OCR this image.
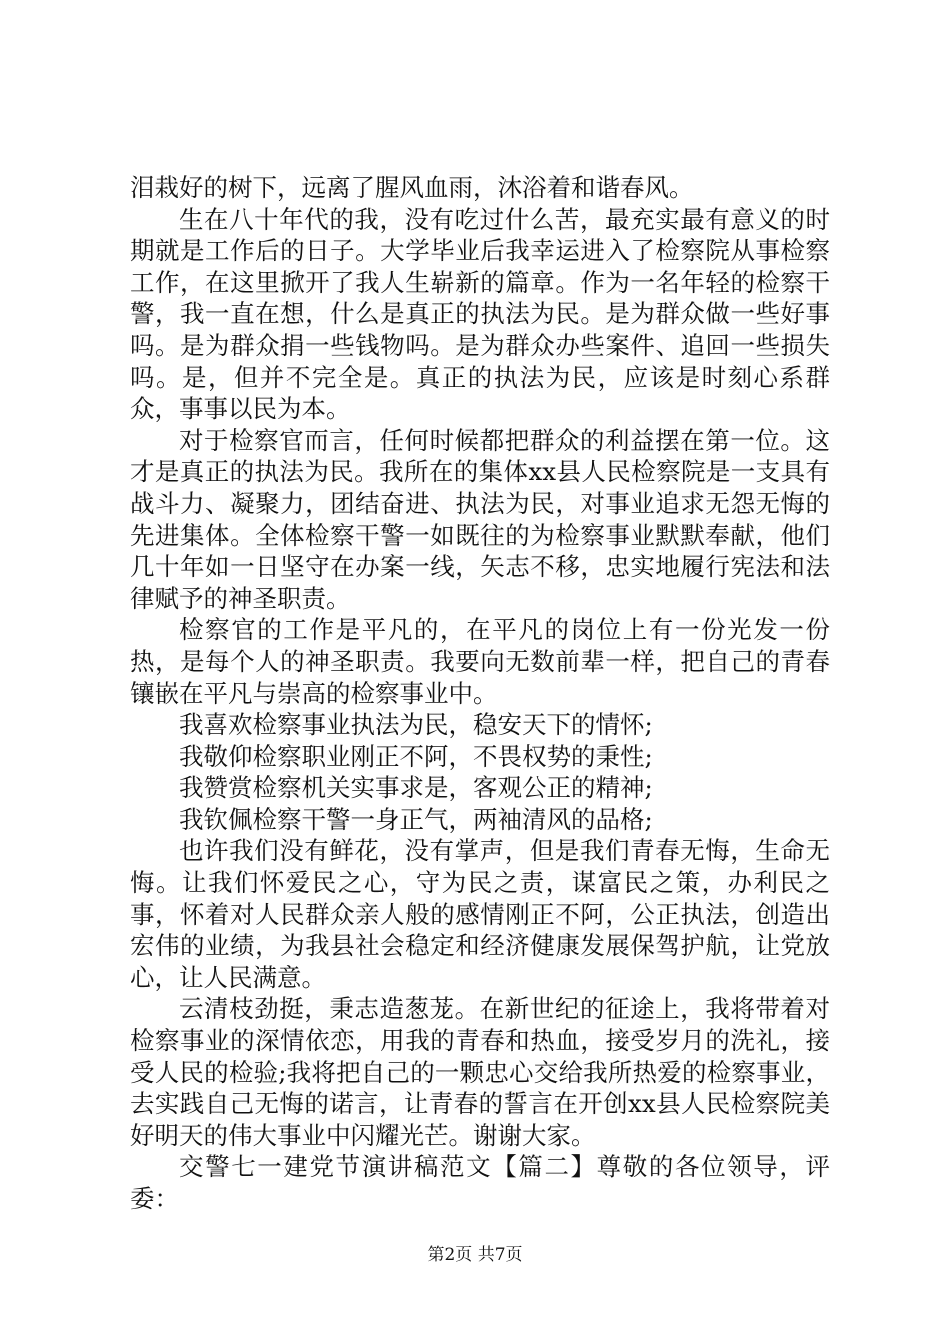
泪栽好的树下，远离了腥风血雨，沐浴着和谐春风。

生在八十年代的我，没有吃过什么苦，最充实最有意义的时期就是工作后的日子。大学毕业后我幸运进入了检察院从事检察工作，在这里掀开了我人生崭新的篇章。作为一名年轻的检察干警，我一直在想，什么是真正的执法为民。是为群众做一些好事吗。是为群众捐一些钱物吗。是为群众办些案件、追回一些损失吗。是，但并不完全是。真正的执法为民，应该是时刻心系群众，事事以民为本。

对于检察官而言，任何时候都把群众的利益摆在第一位。这才是真正的执法为民。我所在的集体xx县人民检察院是一支具有战斗力、凝聚力，团结奋进、执法为民，对事业追求无怨无悔的先进集体。全体检察干警一如既往的为检察事业默默奉献，他们几十年如一日坚守在办案一线，矢志不移，忠实地履行宪法和法律赋予的神圣职责。

检察官的工作是平凡的，在平凡的岗位上有一份光发一份热，是每个人的神圣职责。我要向无数前辈一样，把自己的青春镶嵌在平凡与崇高的检察事业中。

我喜欢检察事业执法为民，稳安天下的情怀;

我敬仰检察职业刚正不阿，不畏权势的秉性;

我赞赏检察机关实事求是，客观公正的精神;

我钦佩检察干警一身正气，两袖清风的品格;

也许我们没有鲜花，没有掌声，但是我们青春无悔，生命无悔。让我们怀爱民之心，守为民之责，谋富民之策，办利民之事，怀着对人民群众亲人般的感情刚正不阿，公正执法，创造出宏伟的业绩，为我县社会稳定和经济健康发展保驾护航，让党放心，让人民满意。

云清枝劲挺，秉志造葱茏。在新世纪的征途上，我将带着对检察事业的深情依恋，用我的青春和热血，接受岁月的洗礼，接受人民的检验;我将把自己的一颗忠心交给我所热爱的检察事业，去实践自己无悔的诺言，让青春的誓言在开创xx县人民检察院美好明天的伟大事业中闪耀光芒。谢谢大家。

交警七一建党节演讲稿范文【篇二】尊敬的各位领导，评委：

第2页 共7页
